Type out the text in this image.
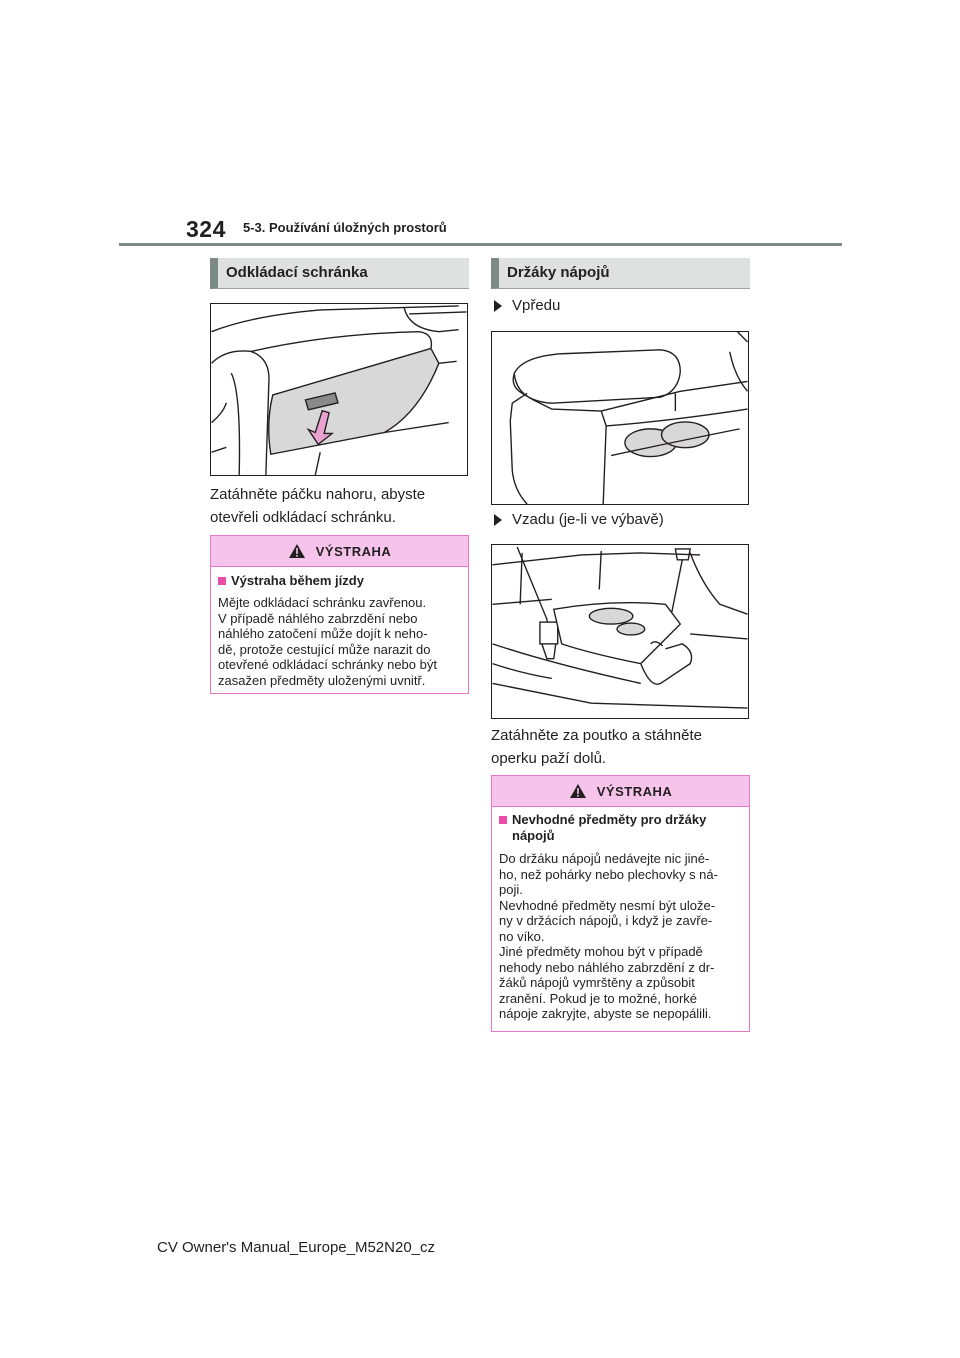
324 5-3. Používání úložných prostorů
Odkládací schránka
Zatáhněte páčku nahoru, abyste
otevřeli odkládací schránku.
VÝSTRAHA
Výstraha během jízdy
Mějte odkládací schránku zavřenou.
V případě náhlého zabrzdění nebo
náhlého zatočení může dojít k neho-
dě, protože cestující může narazit do
otevřené odkládací schránky nebo být
zasažen předměty uloženými uvnitř.
Držáky nápojů
Vpředu
Vzadu (je-li ve výbavě)
Zatáhněte za poutko a stáhněte
operku paží dolů.
VÝSTRAHA
Nevhodné předměty pro držáky
nápojů
Do držáku nápojů nedávejte nic jiné-
ho, než pohárky nebo plechovky s ná-
poji.
Nevhodné předměty nesmí být ulože-
ny v držácích nápojů, i když je zavře-
no víko.
Jiné předměty mohou být v případě
nehody nebo náhlého zabrzdění z dr-
žáků nápojů vymrštěny a způsobit
zranění. Pokud je to možné, horké
nápoje zakryjte, abyste se nepopálili.
CV Owner's Manual_Europe_M52N20_cz
